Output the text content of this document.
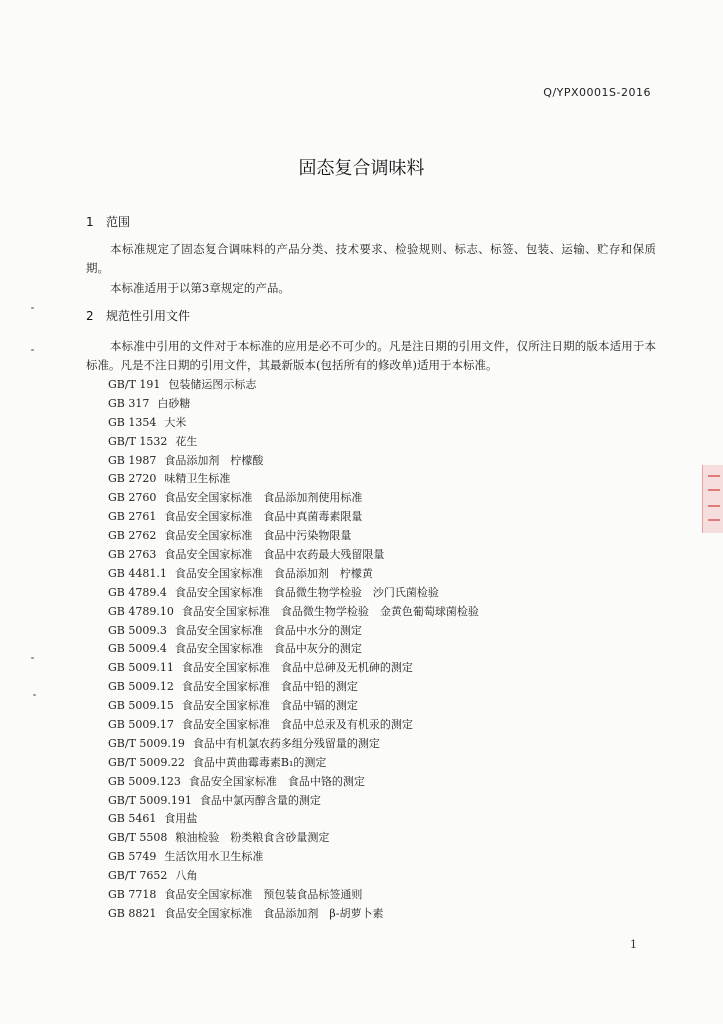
Q/YPX0001S-2016
固态复合调味料
1 范围
本标准规定了固态复合调味料的产品分类、技术要求、检验规则、标志、标签、包装、运输、贮存和保质期。
本标准适用于以第3章规定的产品。
2 规范性引用文件
本标准中引用的文件对于本标准的应用是必不可少的。凡是注日期的引用文件，仅所注日期的版本适用于本标准。凡是不注日期的引用文件，其最新版本(包括所有的修改单)适用于本标准。
GB/T 191 包装储运图示标志
GB 317 白砂糖
GB 1354 大米
GB/T 1532 花生
GB 1987 食品添加剂　柠檬酸
GB 2720 味精卫生标准
GB 2760 食品安全国家标准　食品添加剂使用标准
GB 2761 食品安全国家标准　食品中真菌毒素限量
GB 2762 食品安全国家标准　食品中污染物限量
GB 2763 食品安全国家标准　食品中农药最大残留限量
GB 4481.1 食品安全国家标准　食品添加剂　柠檬黄
GB 4789.4 食品安全国家标准　食品微生物学检验　沙门氏菌检验
GB 4789.10 食品安全国家标准　食品微生物学检验　金黄色葡萄球菌检验
GB 5009.3 食品安全国家标准　食品中水分的测定
GB 5009.4 食品安全国家标准　食品中灰分的测定
GB 5009.11 食品安全国家标准　食品中总砷及无机砷的测定
GB 5009.12 食品安全国家标准　食品中铅的测定
GB 5009.15 食品安全国家标准　食品中镉的测定
GB 5009.17 食品安全国家标准　食品中总汞及有机汞的测定
GB/T 5009.19 食品中有机氯农药多组分残留量的测定
GB/T 5009.22 食品中黄曲霉毒素B₁的测定
GB 5009.123 食品安全国家标准　食品中铬的测定
GB/T 5009.191 食品中氯丙醇含量的测定
GB 5461 食用盐
GB/T 5508 粮油检验　粉类粮食含砂量测定
GB 5749 生活饮用水卫生标准
GB/T 7652 八角
GB 7718 食品安全国家标准　预包装食品标签通则
GB 8821 食品安全国家标准　食品添加剂　β-胡萝卜素
1
